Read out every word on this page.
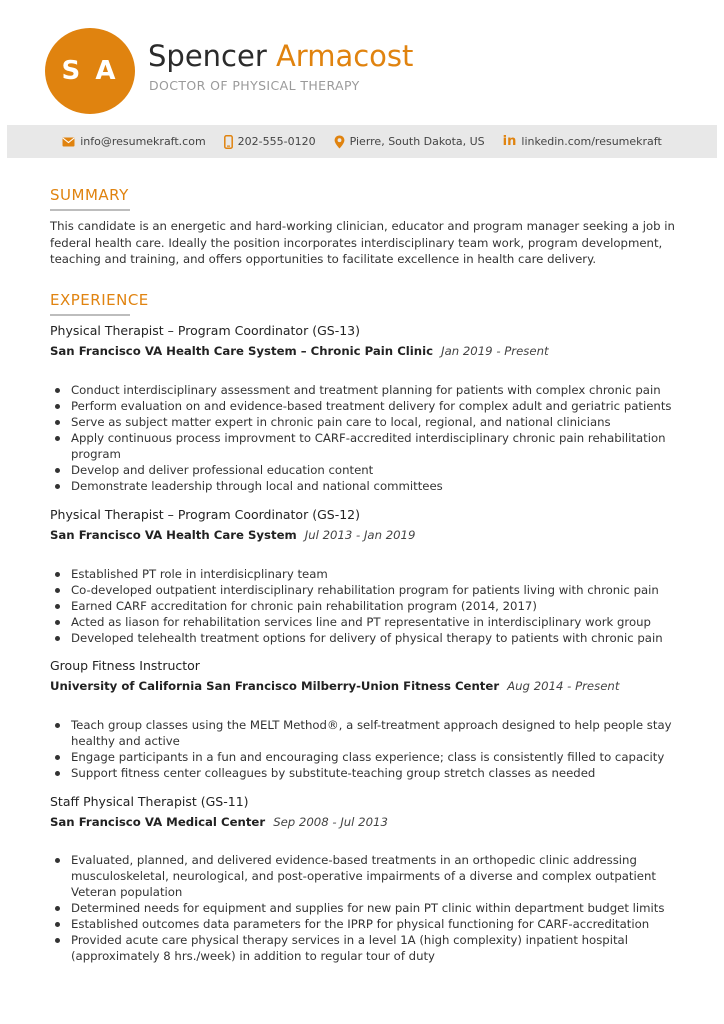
S A	Spencer Armacost
DOCTOR OF PHYSICAL THERAPY
info@resumekraft.com	202-555-0120	Pierre, South Dakota, US in linkedin.com/resumekraft
SUMMARY
This candidate is an energetic and hard-working clinician, educator and program manager seeking a job in federal health care. Ideally the position incorporates interdisciplinary team work, program development, teaching and training, and offers opportunities to facilitate excellence in health care delivery.
EXPERIENCE
Physical Therapist – Program Coordinator (GS-13)
San Francisco VA Health Care System – Chronic Pain Clinic Jan 2019 - Present
Conduct interdisciplinary assessment and treatment planning for patients with complex chronic pain
Perform evaluation on and evidence-based treatment delivery for complex adult and geriatric patients
Serve as subject matter expert in chronic pain care to local, regional, and national clinicians
Apply continuous process improvment to CARF-accredited interdisciplinary chronic pain rehabilitation program
Develop and deliver professional education content
Demonstrate leadership through local and national committees
Physical Therapist – Program Coordinator (GS-12)
San Francisco VA Health Care System Jul 2013 - Jan 2019
Established PT role in interdisicplinary team
Co-developed outpatient interdisciplinary rehabilitation program for patients living with chronic pain
Earned CARF accreditation for chronic pain rehabilitation program (2014, 2017)
Acted as liason for rehabilitation services line and PT representative in interdisciplinary work group
Developed telehealth treatment options for delivery of physical therapy to patients with chronic pain
Group Fitness Instructor
University of California San Francisco Milberry-Union Fitness Center Aug 2014 - Present
Teach group classes using the MELT Method®, a self-treatment approach designed to help people stay healthy and active
Engage participants in a fun and encouraging class experience; class is consistently filled to capacity
Support fitness center colleagues by substitute-teaching group stretch classes as needed
Staff Physical Therapist (GS-11)
San Francisco VA Medical Center Sep 2008 - Jul 2013
Evaluated, planned, and delivered evidence-based treatments in an orthopedic clinic addressing musculoskeletal, neurological, and post-operative impairments of a diverse and complex outpatient Veteran population
Determined needs for equipment and supplies for new pain PT clinic within department budget limits
Established outcomes data parameters for the IPRP for physical functioning for CARF-accreditation
Provided acute care physical therapy services in a level 1A (high complexity) inpatient hospital (approximately 8 hrs./week) in addition to regular tour of duty
